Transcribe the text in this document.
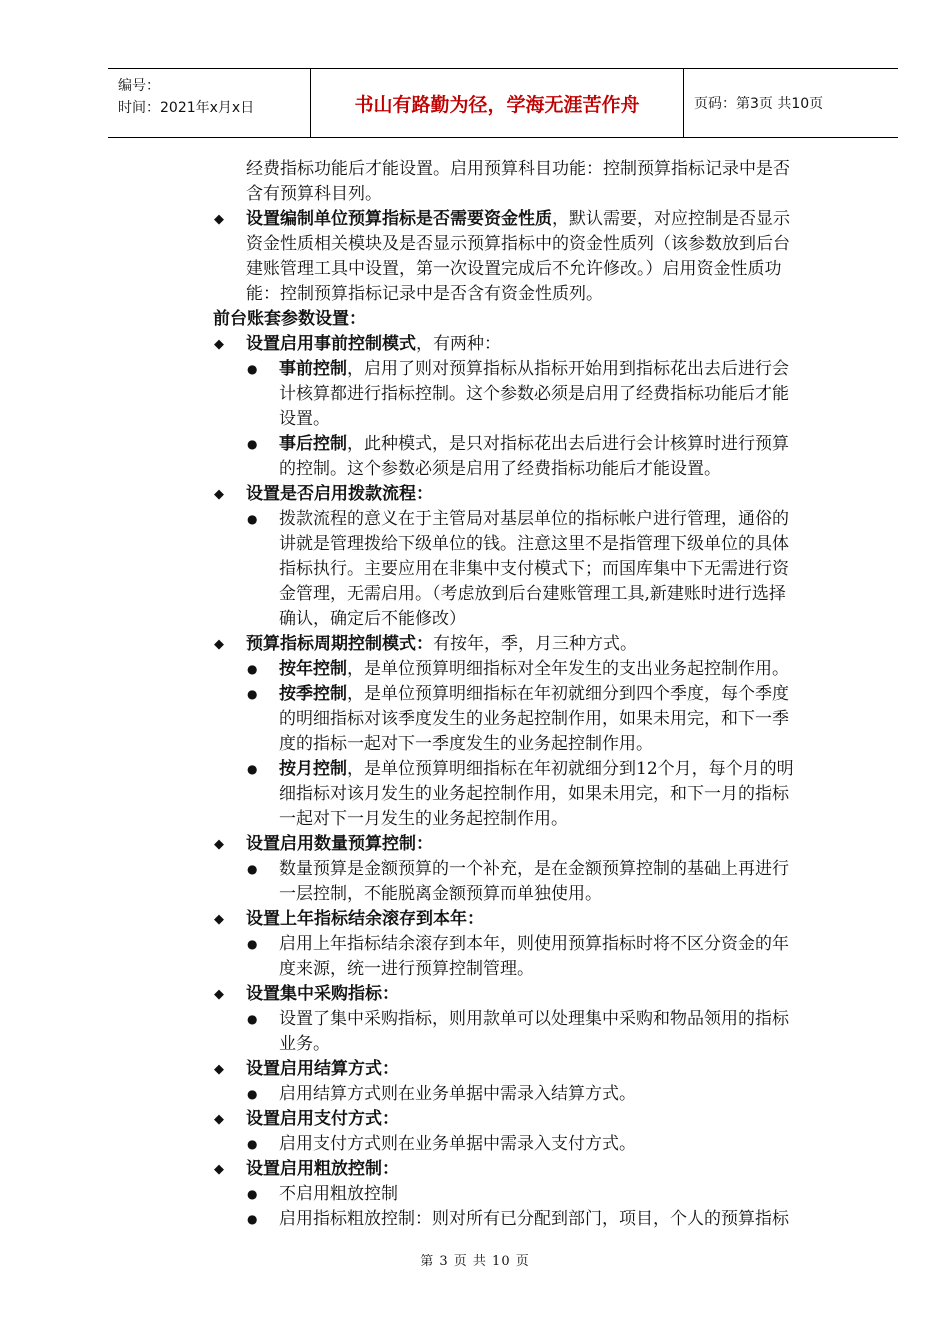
编号：
时间：2021年x月x日	书山有路勤为径，学海无涯苦作舟	页码：第3页 共10页
经费指标功能后才能设置。启用预算科目功能：控制预算指标记录中是否
含有预算科目列。
◆ 设置编制单位预算指标是否需要资金性质，默认需要，对应控制是否显示
资金性质相关模块及是否显示预算指标中的资金性质列（该参数放到后台
建账管理工具中设置，第一次设置完成后不允许修改。）启用资金性质功
能：控制预算指标记录中是否含有资金性质列。
前台账套参数设置：
◆ 设置启用事前控制模式，有两种：
● 事前控制，启用了则对预算指标从指标开始用到指标花出去后进行会
计核算都进行指标控制。这个参数必须是启用了经费指标功能后才能
设置。
● 事后控制，此种模式，是只对指标花出去后进行会计核算时进行预算
的控制。这个参数必须是启用了经费指标功能后才能设置。
◆ 设置是否启用拨款流程：
● 拨款流程的意义在于主管局对基层单位的指标帐户进行管理，通俗的
讲就是管理拨给下级单位的钱。注意这里不是指管理下级单位的具体
指标执行。主要应用在非集中支付模式下；而国库集中下无需进行资
金管理，无需启用。（考虑放到后台建账管理工具,新建账时进行选择
确认，确定后不能修改）
◆ 预算指标周期控制模式：有按年，季，月三种方式。
● 按年控制，是单位预算明细指标对全年发生的支出业务起控制作用。
● 按季控制，是单位预算明细指标在年初就细分到四个季度，每个季度
的明细指标对该季度发生的业务起控制作用，如果未用完，和下一季
度的指标一起对下一季度发生的业务起控制作用。
● 按月控制，是单位预算明细指标在年初就细分到12个月，每个月的明
细指标对该月发生的业务起控制作用，如果未用完，和下一月的指标
一起对下一月发生的业务起控制作用。
◆ 设置启用数量预算控制：
● 数量预算是金额预算的一个补充，是在金额预算控制的基础上再进行
一层控制，不能脱离金额预算而单独使用。
◆ 设置上年指标结余滚存到本年：
● 启用上年指标结余滚存到本年，则使用预算指标时将不区分资金的年
度来源，统一进行预算控制管理。
◆ 设置集中采购指标：
● 设置了集中采购指标，则用款单可以处理集中采购和物品领用的指标
业务。
◆ 设置启用结算方式：
● 启用结算方式则在业务单据中需录入结算方式。
◆ 设置启用支付方式：
● 启用支付方式则在业务单据中需录入支付方式。
◆ 设置启用粗放控制：
● 不启用粗放控制
● 启用指标粗放控制：则对所有已分配到部门，项目，个人的预算指标
第 3 页 共 10 页
